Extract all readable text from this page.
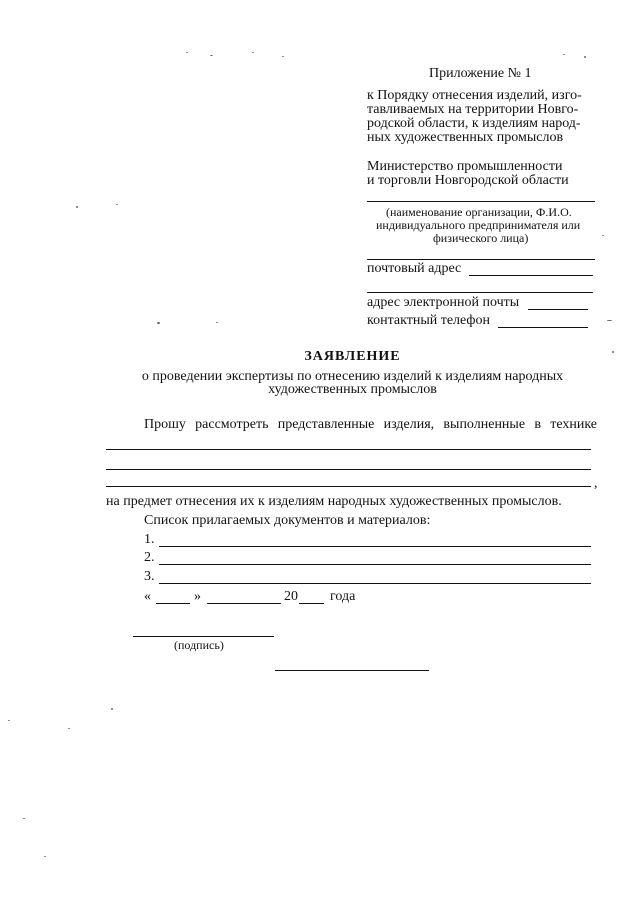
Приложение № 1
к Порядку отнесения изделий, изго-
тавливаемых на территории Новго-
родской области, к изделиям народ-
ных художественных промыслов
Министерство промышленности
и торговли Новгородской области
(наименование организации, Ф.И.О.
индивидуального предпринимателя или
физического лица)
почтовый адрес
адрес электронной почты
контактный телефон
ЗАЯВЛЕНИЕ
о проведении экспертизы по отнесению изделий к изделиям народных
художественных промыслов
Прошу рассмотреть представленные изделия, выполненные в технике
,
на предмет отнесения их к изделиям народных художественных промыслов.
Список прилагаемых документов и материалов:
1.
2.
3.
«	»	20 года
(подпись)
